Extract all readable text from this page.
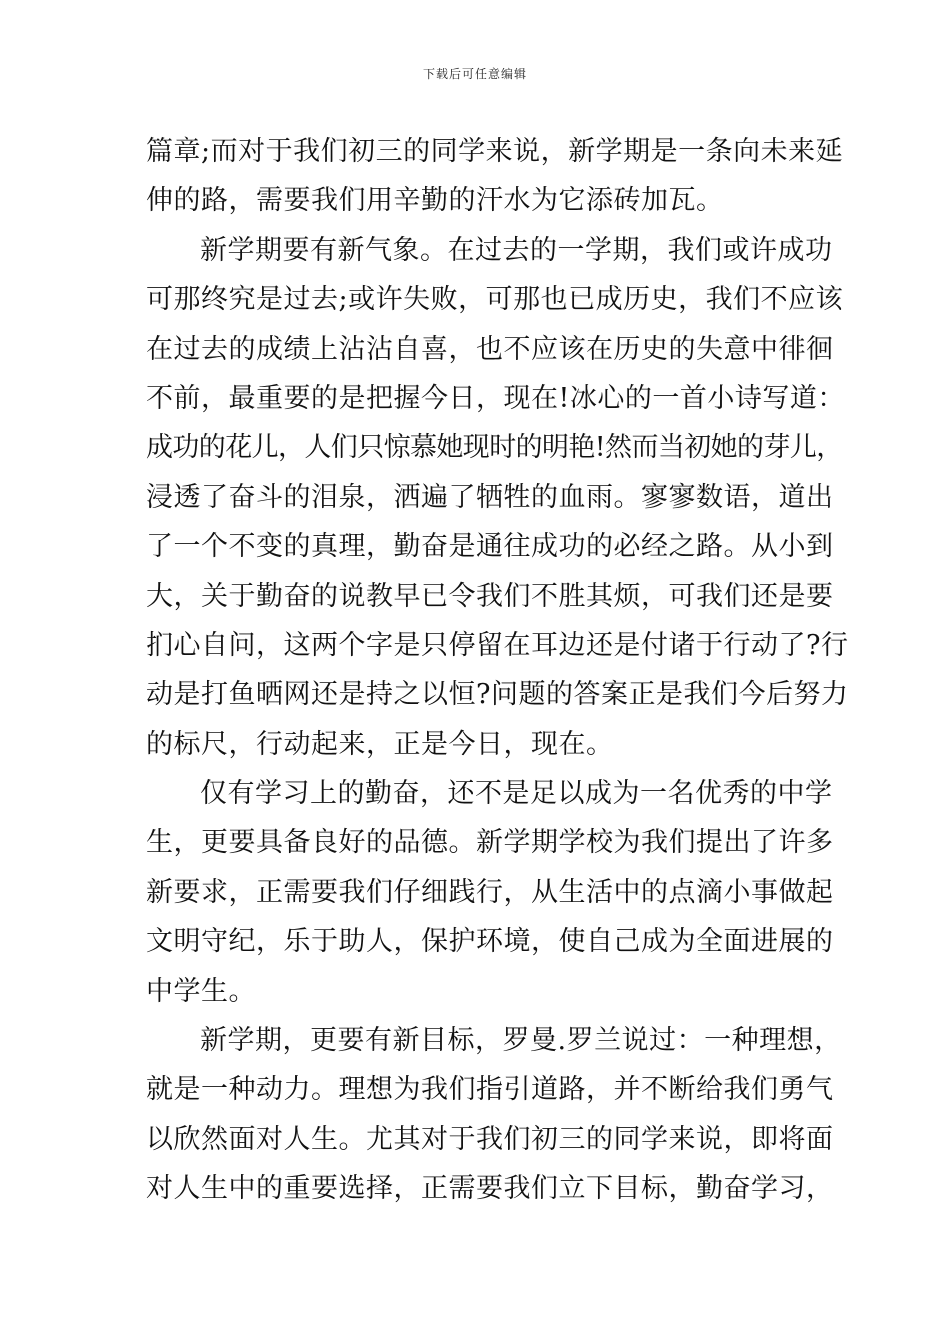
下载后可任意编辑
篇章;而对于我们初三的同学来说，新学期是一条向未来延
伸的路，需要我们用辛勤的汗水为它添砖加瓦。
新学期要有新气象。在过去的一学期，我们或许成功
可那终究是过去;或许失败，可那也已成历史，我们不应该
在过去的成绩上沾沾自喜，也不应该在历史的失意中徘徊
不前，最重要的是把握今日，现在!冰心的一首小诗写道：
成功的花儿，人们只惊慕她现时的明艳!然而当初她的芽儿，
浸透了奋斗的泪泉，洒遍了牺牲的血雨。寥寥数语，道出
了一个不变的真理，勤奋是通往成功的必经之路。从小到
大，关于勤奋的说教早已令我们不胜其烦，可我们还是要
扪心自问，这两个字是只停留在耳边还是付诸于行动了?行
动是打鱼晒网还是持之以恒?问题的答案正是我们今后努力
的标尺，行动起来，正是今日，现在。
仅有学习上的勤奋，还不是足以成为一名优秀的中学
生，更要具备良好的品德。新学期学校为我们提出了许多
新要求，正需要我们仔细践行，从生活中的点滴小事做起
文明守纪，乐于助人，保护环境，使自己成为全面进展的
中学生。
新学期，更要有新目标，罗曼.罗兰说过：一种理想，
就是一种动力。理想为我们指引道路，并不断给我们勇气
以欣然面对人生。尤其对于我们初三的同学来说，即将面
对人生中的重要选择，正需要我们立下目标，勤奋学习，
